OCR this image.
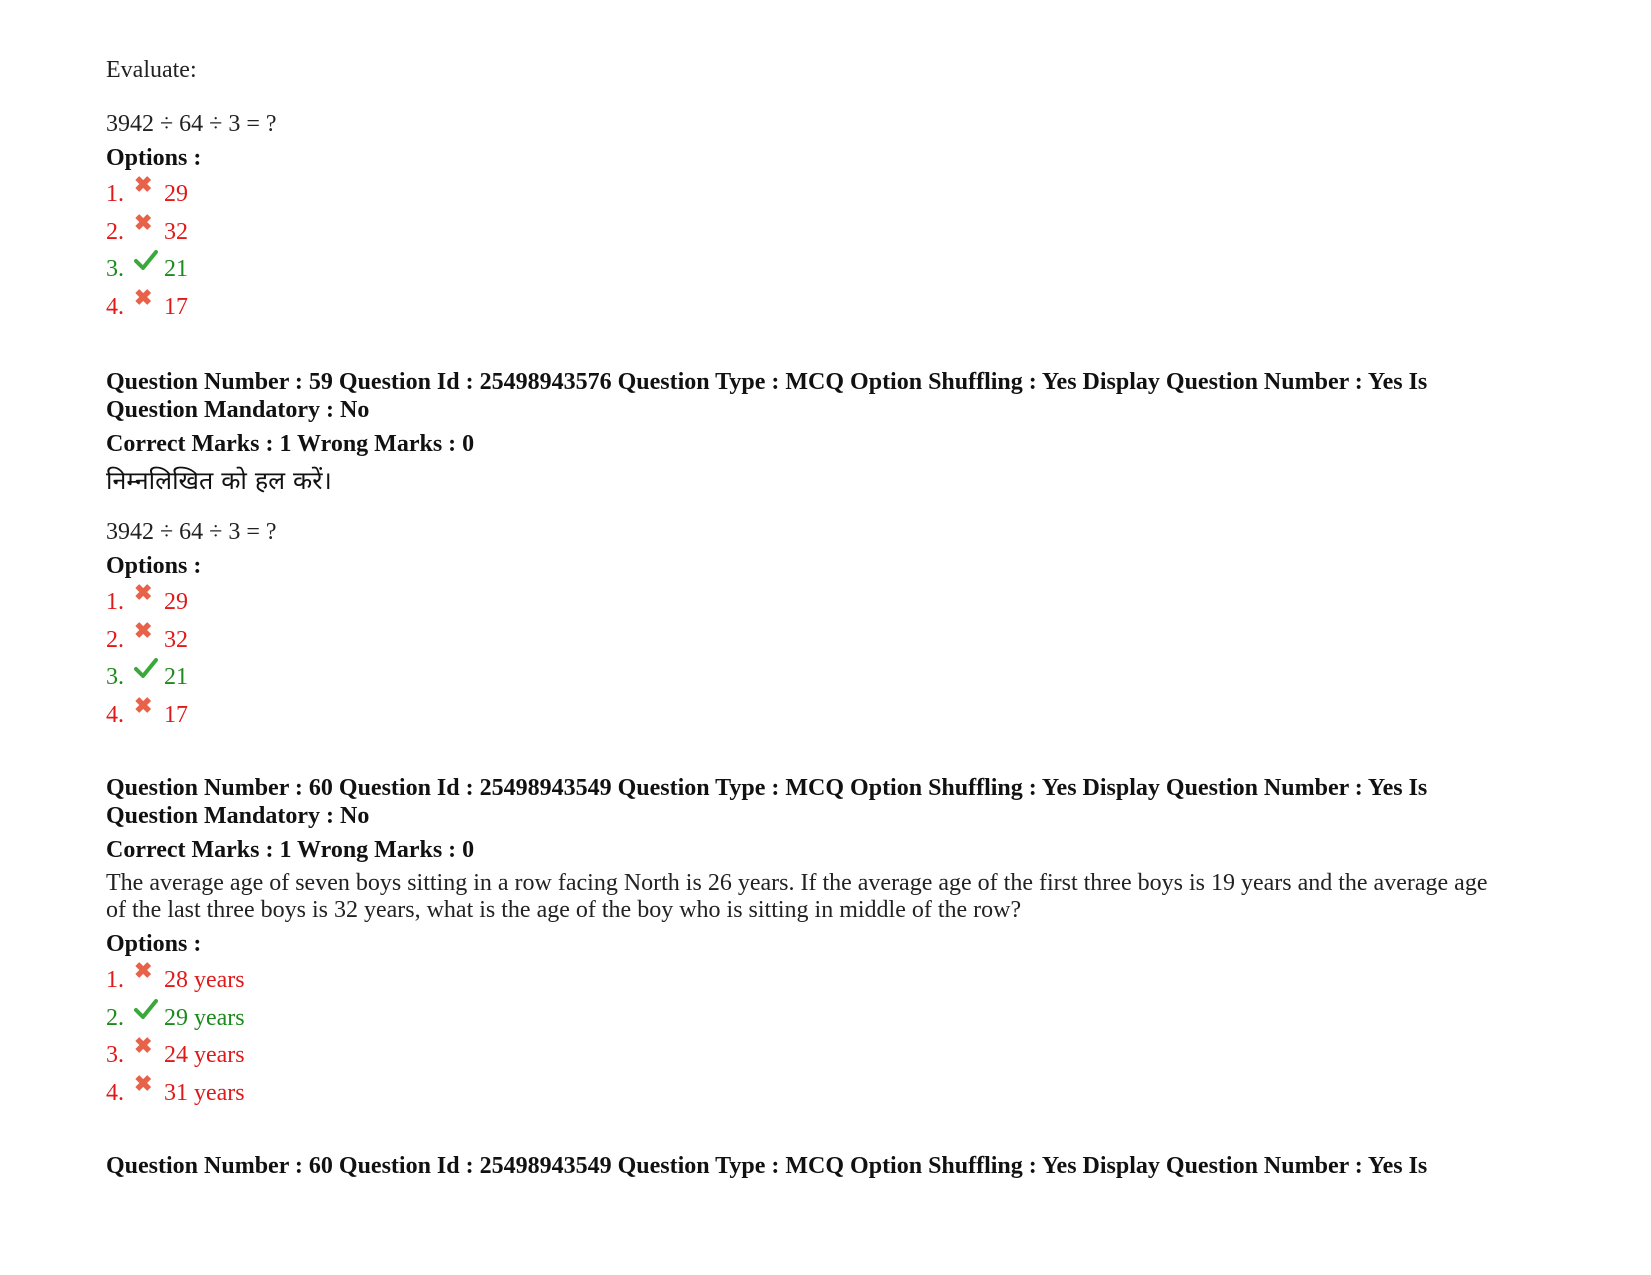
Evaluate:

3942 ÷ 64 ÷ 3 = ?

Options :

1. ✖ 29
2. ✖ 32
3.	21
4. ✖ 17
Question Number : 59 Question Id : 25498943576 Question Type : MCQ Option Shuffling : Yes Display Question Number : Yes Is
Question Mandatory : No
Correct Marks : 1 Wrong Marks : 0
निम्नलिखित को हल करें।

3942 ÷ 64 ÷ 3 = ?

Options :

1. ✖ 29
2. ✖ 32
3.	21
4. ✖ 17
Question Number : 60 Question Id : 25498943549 Question Type : MCQ Option Shuffling : Yes Display Question Number : Yes Is
Question Mandatory : No
Correct Marks : 1 Wrong Marks : 0
The average age of seven boys sitting in a row facing North is 26 years. If the average age of the first three boys is 19 years and the average age
of the last three boys is 32 years, what is the age of the boy who is sitting in middle of the row?

Options :

1. ✖ 28 years
2.	29 years
3. ✖ 24 years
4. ✖ 31 years
Question Number : 60 Question Id : 25498943549 Question Type : MCQ Option Shuffling : Yes Display Question Number : Yes Is
